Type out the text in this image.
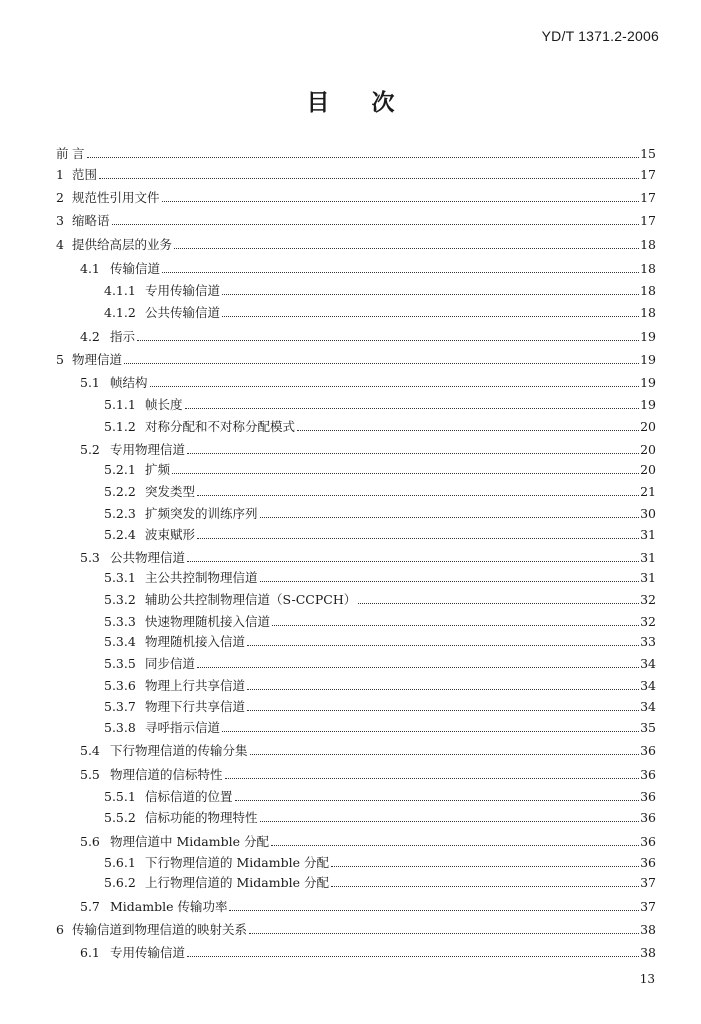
YD/T 1371.2-2006
目 次
前 言	15
1 范围	17
2 规范性引用文件	17
3 缩略语	17
4 提供给高层的业务	18
4.1 传输信道	18
4.1.1 专用传输信道	18
4.1.2 公共传输信道	18
4.2 指示	19
5 物理信道	19
5.1 帧结构	19
5.1.1 帧长度	19
5.1.2 对称分配和不对称分配模式	20
5.2 专用物理信道	20
5.2.1 扩频	20
5.2.2 突发类型	21
5.2.3 扩频突发的训练序列	30
5.2.4 波束赋形	31
5.3 公共物理信道	31
5.3.1 主公共控制物理信道	31
5.3.2 辅助公共控制物理信道（S-CCPCH）	32
5.3.3 快速物理随机接入信道	32
5.3.4 物理随机接入信道	33
5.3.5 同步信道	34
5.3.6 物理上行共享信道	34
5.3.7 物理下行共享信道	34
5.3.8 寻呼指示信道	35
5.4 下行物理信道的传输分集	36
5.5 物理信道的信标特性	36
5.5.1 信标信道的位置	36
5.5.2 信标功能的物理特性	36
5.6 物理信道中 Midamble 分配	36
5.6.1 下行物理信道的 Midamble 分配	36
5.6.2 上行物理信道的 Midamble 分配	37
5.7 Midamble 传输功率	37
6 传输信道到物理信道的映射关系	38
6.1 专用传输信道	38
13
